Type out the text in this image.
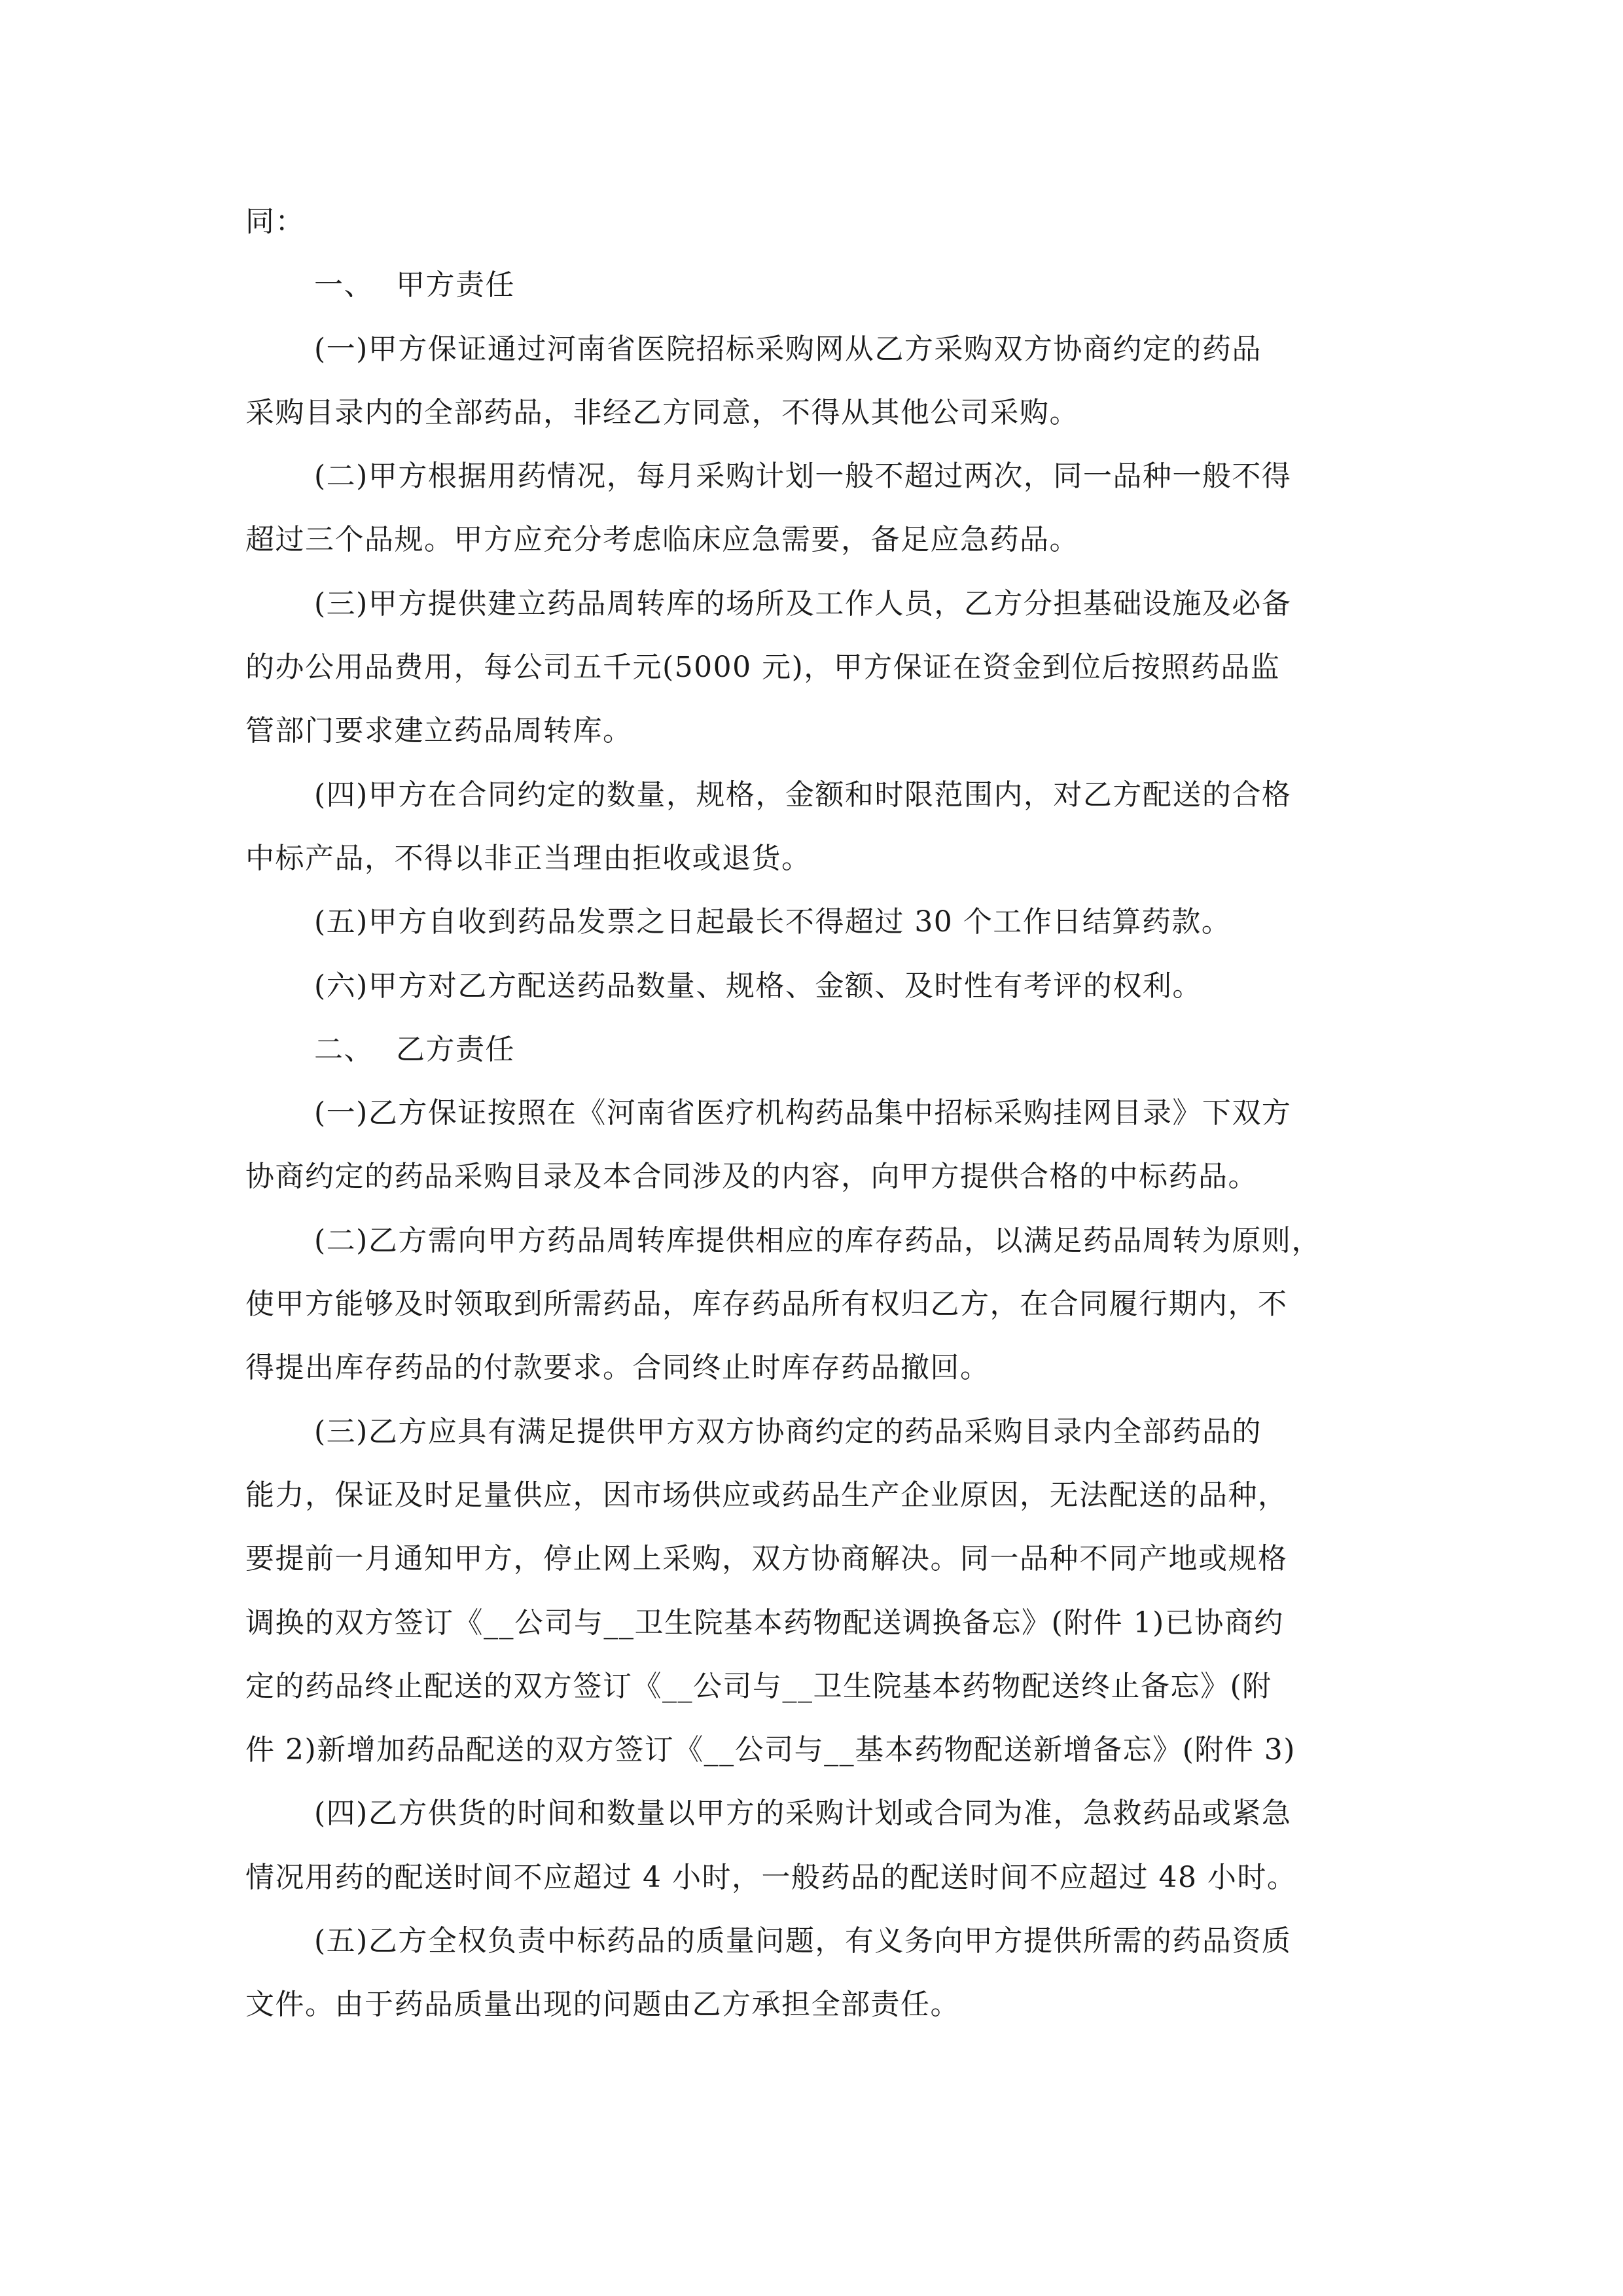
同：

一、 甲方责任

(一)甲方保证通过河南省医院招标采购网从乙方采购双方协商约定的药品

采购目录内的全部药品，非经乙方同意，不得从其他公司采购。

(二)甲方根据用药情况，每月采购计划一般不超过两次，同一品种一般不得

超过三个品规。甲方应充分考虑临床应急需要，备足应急药品。

(三)甲方提供建立药品周转库的场所及工作人员，乙方分担基础设施及必备

的办公用品费用，每公司五千元(5000 元)，甲方保证在资金到位后按照药品监

管部门要求建立药品周转库。

(四)甲方在合同约定的数量，规格，金额和时限范围内，对乙方配送的合格

中标产品，不得以非正当理由拒收或退货。

(五)甲方自收到药品发票之日起最长不得超过 30 个工作日结算药款。

(六)甲方对乙方配送药品数量、规格、金额、及时性有考评的权利。

二、 乙方责任

(一)乙方保证按照在《河南省医疗机构药品集中招标采购挂网目录》下双方

协商约定的药品采购目录及本合同涉及的内容，向甲方提供合格的中标药品。

(二)乙方需向甲方药品周转库提供相应的库存药品，以满足药品周转为原则，

使甲方能够及时领取到所需药品，库存药品所有权归乙方，在合同履行期内，不

得提出库存药品的付款要求。合同终止时库存药品撤回。

(三)乙方应具有满足提供甲方双方协商约定的药品采购目录内全部药品的

能力，保证及时足量供应，因市场供应或药品生产企业原因，无法配送的品种，

要提前一月通知甲方，停止网上采购，双方协商解决。同一品种不同产地或规格

调换的双方签订《__公司与__卫生院基本药物配送调换备忘》(附件 1)已协商约

定的药品终止配送的双方签订《__公司与__卫生院基本药物配送终止备忘》(附

件 2)新增加药品配送的双方签订《__公司与__基本药物配送新增备忘》(附件 3)

(四)乙方供货的时间和数量以甲方的采购计划或合同为准，急救药品或紧急

情况用药的配送时间不应超过 4 小时，一般药品的配送时间不应超过 48 小时。

(五)乙方全权负责中标药品的质量问题，有义务向甲方提供所需的药品资质

文件。由于药品质量出现的问题由乙方承担全部责任。
